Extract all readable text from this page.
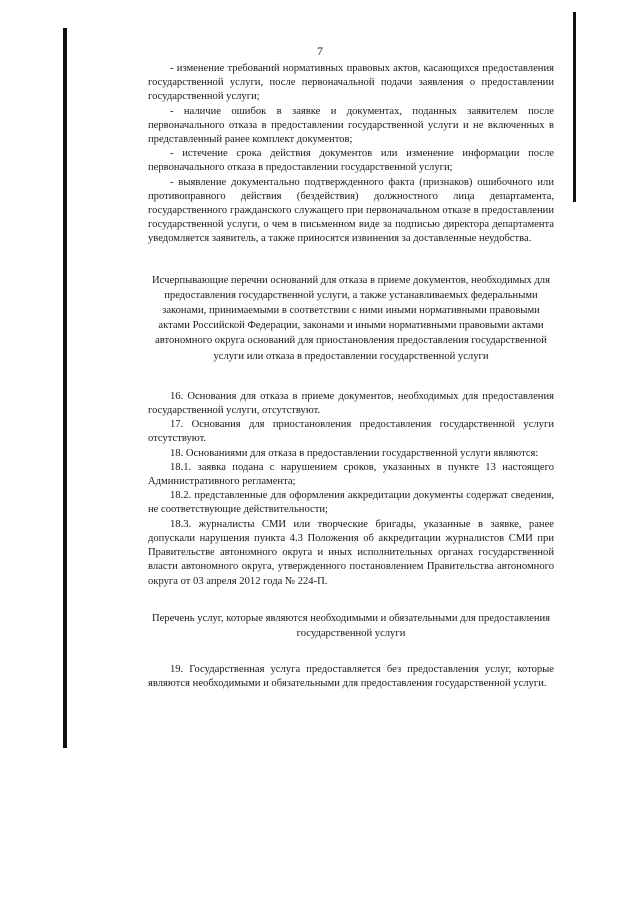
7

- изменение требований нормативных правовых актов, касающихся предоставления государственной услуги, после первоначальной подачи заявления о предоставлении государственной услуги;

- наличие ошибок в заявке и документах, поданных заявителем после первоначального отказа в предоставлении государственной услуги и не включенных в представленный ранее комплект документов;

- истечение срока действия документов или изменение информации после первоначального отказа в предоставлении государственной услуги;

- выявление документально подтвержденного факта (признаков) ошибочного или противоправного действия (бездействия) должностного лица департамента, государственного гражданского служащего при первоначальном отказе в предоставлении государственной услуги, о чем в письменном виде за подписью директора департамента уведомляется заявитель, а также приносятся извинения за доставленные неудобства.

Исчерпывающие перечни оснований для отказа в приеме документов, необходимых для предоставления государственной услуги, а также устанавливаемых федеральными законами, принимаемыми в соответствии с ними иными нормативными правовыми актами Российской Федерации, законами и иными нормативными правовыми актами автономного округа оснований для приостановления предоставления государственной услуги или отказа в предоставлении государственной услуги

16. Основания для отказа в приеме документов, необходимых для предоставления государственной услуги, отсутствуют.

17. Основания для приостановления предоставления государственной услуги отсутствуют.

18. Основаниями для отказа в предоставлении государственной услуги являются:

18.1. заявка подана с нарушением сроков, указанных в пункте 13 настоящего Административного регламента;

18.2. представленные для оформления аккредитации документы содержат сведения, не соответствующие действительности;

18.3. журналисты СМИ или творческие бригады, указанные в заявке, ранее допускали нарушения пункта 4.3 Положения об аккредитации журналистов СМИ при Правительстве автономного округа и иных исполнительных органах государственной власти автономного округа, утвержденного постановлением Правительства автономного округа от 03 апреля 2012 года № 224-П.

Перечень услуг, которые являются необходимыми и обязательными для предоставления государственной услуги

19. Государственная услуга предоставляется без предоставления услуг, которые являются необходимыми и обязательными для предоставления государственной услуги.
